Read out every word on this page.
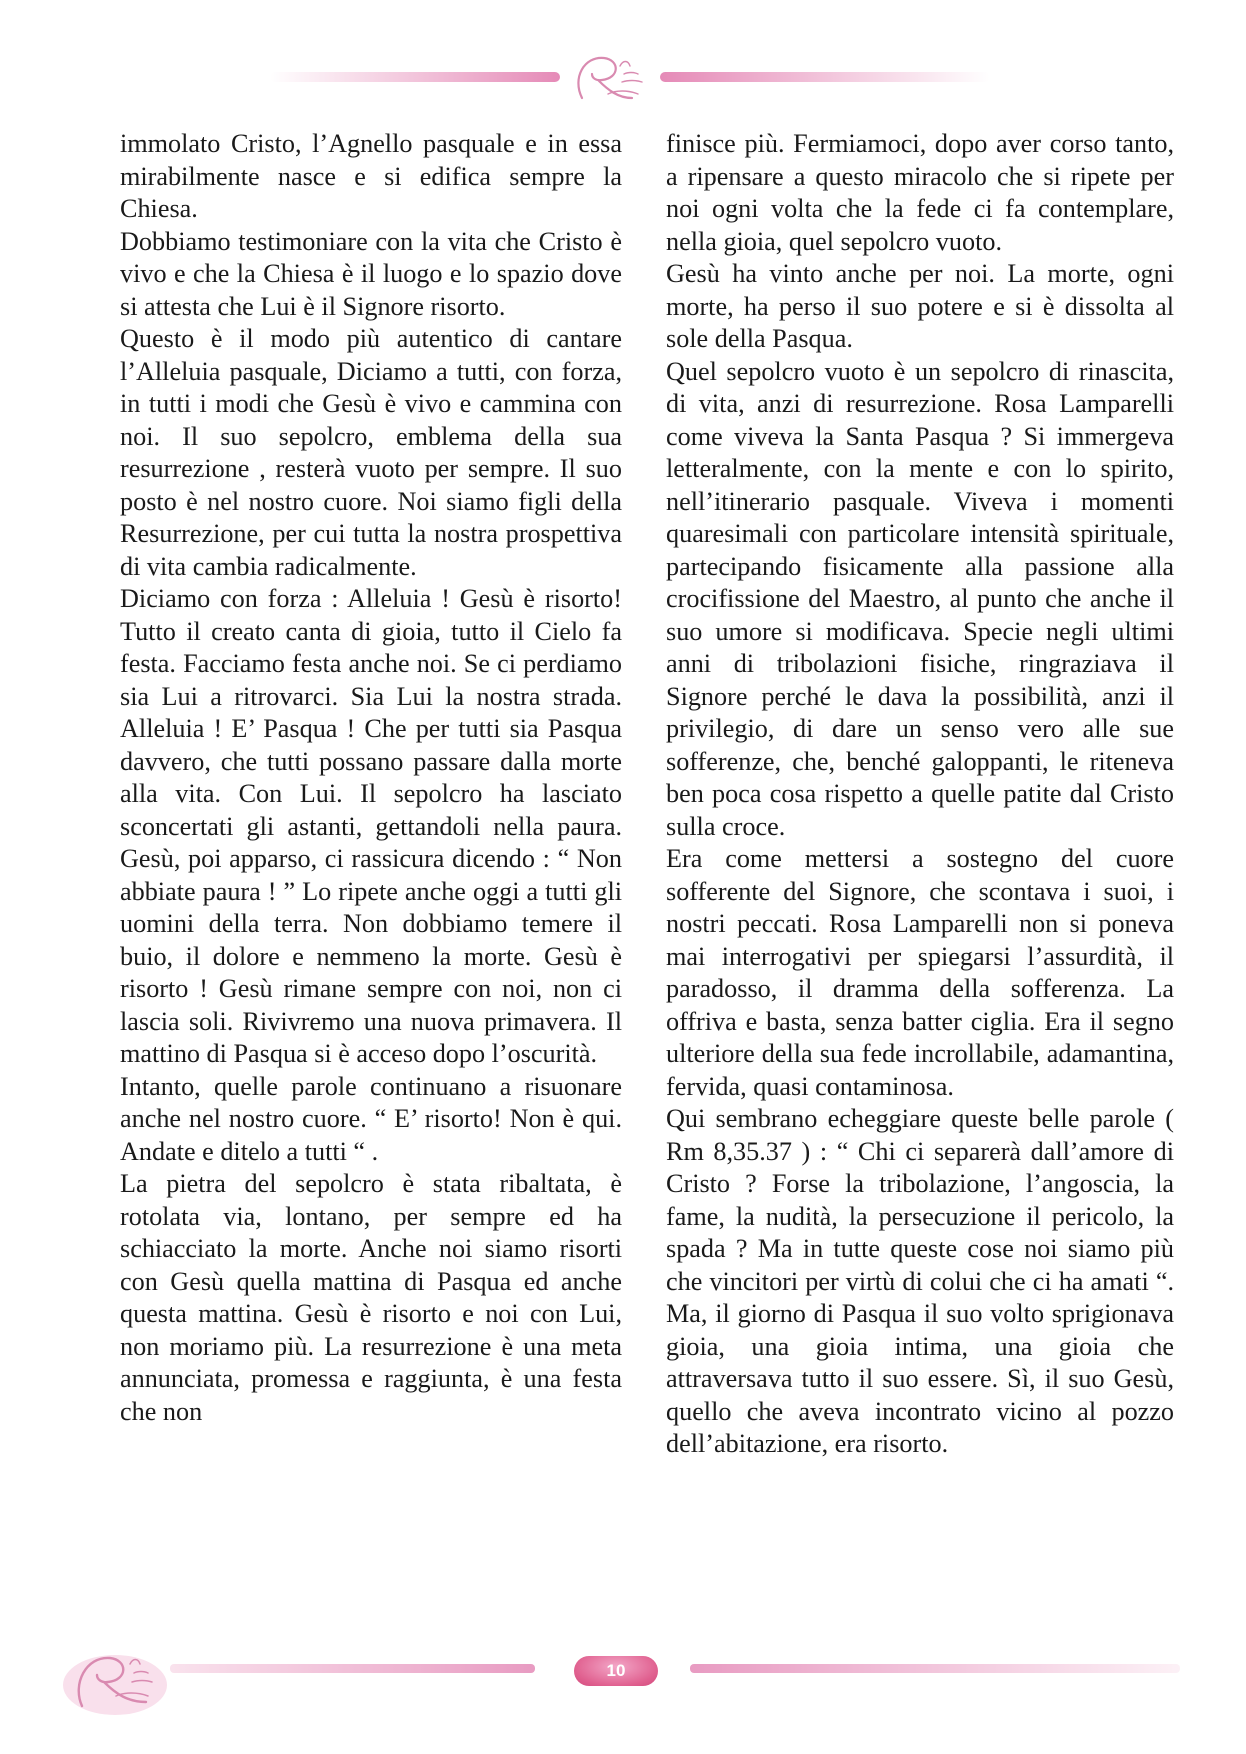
immolato Cristo, l’Agnello pasquale e in essa mirabilmente nasce e si edifica sempre la Chiesa.

Dobbiamo testimoniare con la vita che Cristo è vivo e che la Chiesa è il luogo e lo spazio dove si attesta che Lui è il Signore risorto.

Questo è il modo più autentico di cantare l’Alleluia pasquale, Diciamo a tutti, con forza, in tutti i modi che Gesù è vivo e cammina con noi. Il suo sepolcro, emblema della sua resurrezione , resterà vuoto per sempre. Il suo posto è nel nostro cuore. Noi siamo figli della Resurrezione, per cui tutta la nostra prospettiva di vita cambia radicalmente.

Diciamo con forza : Alleluia ! Gesù è risorto! Tutto il creato canta di gioia, tutto il Cielo fa festa. Facciamo festa anche noi. Se ci perdiamo sia Lui a ritrovarci. Sia Lui la nostra strada. Alleluia ! E’ Pasqua ! Che per tutti sia Pasqua davvero, che tutti possano passare dalla morte alla vita. Con Lui. Il sepolcro ha lasciato sconcertati gli astanti, gettandoli nella paura. Gesù, poi apparso, ci rassicura dicendo : “ Non abbiate paura ! ” Lo ripete anche oggi a tutti gli uomini della terra. Non dobbiamo temere il buio, il dolore e nemmeno la morte. Gesù è risorto ! Gesù rimane sempre con noi, non ci lascia soli. Rivivremo una nuova primavera. Il mattino di Pasqua si è acceso dopo l’oscurità.

Intanto, quelle parole continuano a risuonare anche nel nostro cuore. “ E’ risorto! Non è qui. Andate e ditelo a tutti “ .

La pietra del sepolcro è stata ribaltata, è rotolata via, lontano, per sempre ed ha schiacciato la morte. Anche noi siamo risorti con Gesù quella mattina di Pasqua ed anche questa mattina. Gesù è risorto e noi con Lui, non moriamo più. La resurrezione è una meta annunciata, promessa e raggiunta, è una festa che non

finisce più. Fermiamoci, dopo aver corso tanto, a ripensare a questo miracolo che si ripete per noi ogni volta che la fede ci fa contemplare, nella gioia, quel sepolcro vuoto.

Gesù ha vinto anche per noi. La morte, ogni morte, ha perso il suo potere e si è dissolta al sole della Pasqua.

Quel sepolcro vuoto è un sepolcro di rinascita, di vita, anzi di resurrezione. Rosa Lamparelli come viveva la Santa Pasqua ? Si immergeva letteralmente, con la mente e con lo spirito, nell’itinerario pasquale. Viveva i momenti quaresimali con particolare intensità spirituale, partecipando fisicamente alla passione alla crocifissione del Maestro, al punto che anche il suo umore si modificava. Specie negli ultimi anni di tribolazioni fisiche, ringraziava il Signore perché le dava la possibilità, anzi il privilegio, di dare un senso vero alle sue sofferenze, che, benché galoppanti, le riteneva ben poca cosa rispetto a quelle patite dal Cristo sulla croce.

Era come mettersi a sostegno del cuore sofferente del Signore, che scontava i suoi, i nostri peccati. Rosa Lamparelli non si poneva mai interrogativi per spiegarsi l’assurdità, il paradosso, il dramma della sofferenza. La offriva e basta, senza batter ciglia. Era il segno ulteriore della sua fede incrollabile, adamantina, fervida, quasi contaminosa.

Qui sembrano echeggiare queste belle parole ( Rm 8,35.37 ) : “ Chi ci separerà dall’amore di Cristo ? Forse la tribolazione, l’angoscia, la fame, la nudità, la persecuzione il pericolo, la spada ? Ma in tutte queste cose noi siamo più che vincitori per virtù di colui che ci ha amati “. Ma, il giorno di Pasqua il suo volto sprigionava gioia, una gioia intima, una gioia che attraversava tutto il suo essere. Sì, il suo Gesù, quello che aveva incontrato vicino al pozzo dell’abitazione, era risorto.

10
